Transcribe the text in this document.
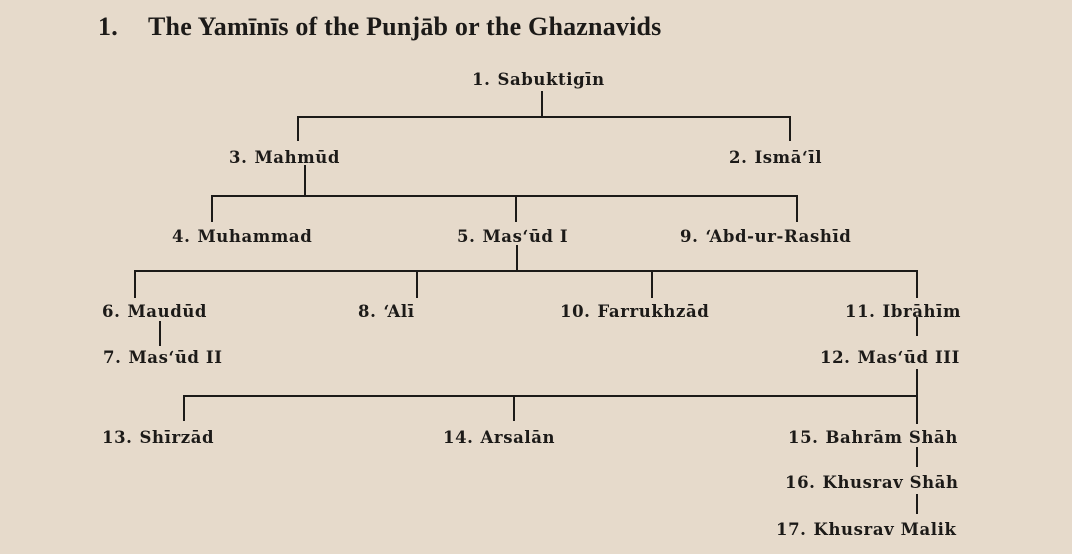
1. The Yamīnīs of the Punjāb or the Ghaznavids
1. Sabuktigīn
3. Mahmūd	2. Ismā‘īl
4. Muhammad	5. Mas‘ūd I	9. ‘Abd-ur-Rashīd
6. Maudūd	8. ‘Alī	10. Farrukhzād	11. Ibrāhīm
7. Mas‘ūd II	12. Mas‘ūd III
13. Shīrzād	14. Arsalān	15. Bahrām Shāh
16. Khusrav Shāh
17. Khusrav Malik
